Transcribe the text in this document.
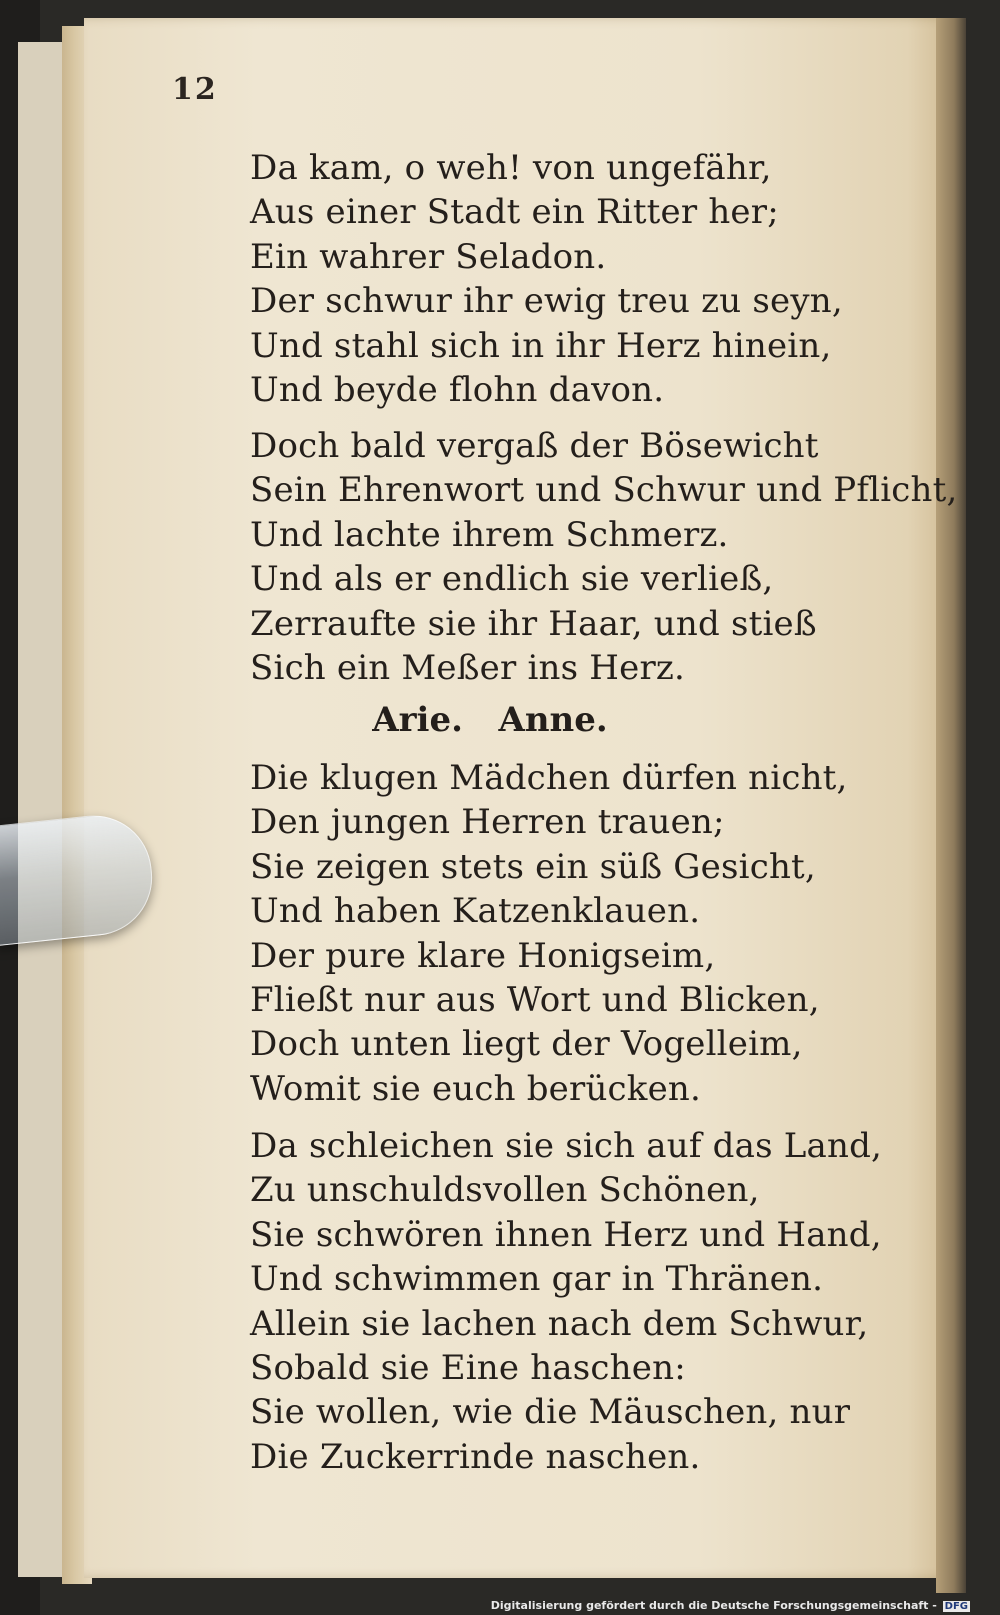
12
Da kam, o weh! von ungefähr,
Aus einer Stadt ein Ritter her;
Ein wahrer Seladon.
Der schwur ihr ewig treu zu seyn,
Und stahl sich in ihr Herz hinein,
Und beyde flohn davon.
Doch bald vergaß der Bösewicht
Sein Ehrenwort und Schwur und Pflicht,
Und lachte ihrem Schmerz.
Und als er endlich sie verließ,
Zerraufte sie ihr Haar, und stieß
Sich ein Meßer ins Herz.
Arie.   Anne.
Die klugen Mädchen dürfen nicht,
Den jungen Herren trauen;
Sie zeigen stets ein süß Gesicht,
Und haben Katzenklauen.
Der pure klare Honigseim,
Fließt nur aus Wort und Blicken,
Doch unten liegt der Vogelleim,
Womit sie euch berücken.
Da schleichen sie sich auf das Land,
Zu unschuldsvollen Schönen,
Sie schwören ihnen Herz und Hand,
Und schwimmen gar in Thränen.
Allein sie lachen nach dem Schwur,
Sobald sie Eine haschen:
Sie wollen, wie die Mäuschen, nur
Die Zuckerrinde naschen.
Digitalisierung gefördert durch die Deutsche Forschungsgemeinschaft - DFG
